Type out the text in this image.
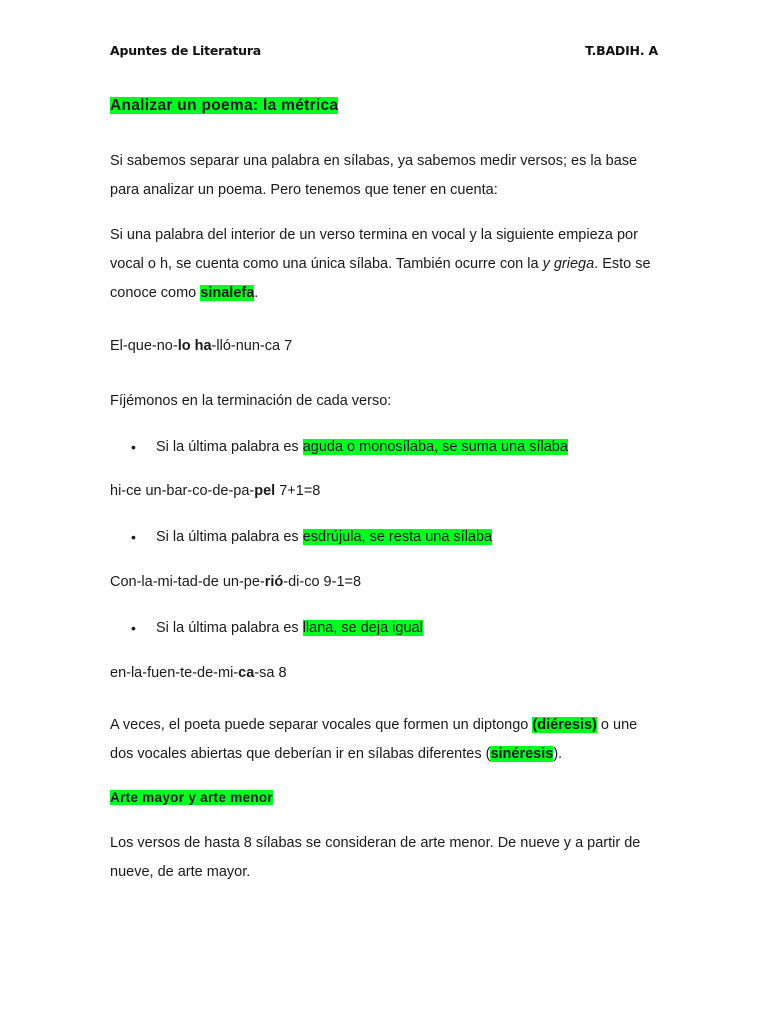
Apuntes de Literatura	T.BADIH. A
Analizar un poema: la métrica

Si sabemos separar una palabra en sílabas, ya sabemos medir versos; es la base para analizar un poema. Pero tenemos que tener en cuenta:

Si una palabra del interior de un verso termina en vocal y la siguiente empieza por vocal o h, se cuenta como una única sílaba. También ocurre con la y griega. Esto se conoce como sinalefa.

El-que-no-lo ha-lló-nun-ca 7

Fíjémonos en la terminación de cada verso:

• Si la última palabra es aguda o monosílaba, se suma una sílaba

hi-ce un-bar-co-de-pa-pel 7+1=8

• Si la última palabra es esdrújula, se resta una sílaba

Con-la-mi-tad-de un-pe-rió-di-co 9-1=8

• Si la última palabra es llana, se deja igual

en-la-fuen-te-de-mi-ca-sa 8

A veces, el poeta puede separar vocales que formen un diptongo (diéresis) o une dos vocales abiertas que deberían ir en sílabas diferentes (sinéresis).

Arte mayor y arte menor

Los versos de hasta 8 sílabas se consideran de arte menor. De nueve y a partir de nueve, de arte mayor.
